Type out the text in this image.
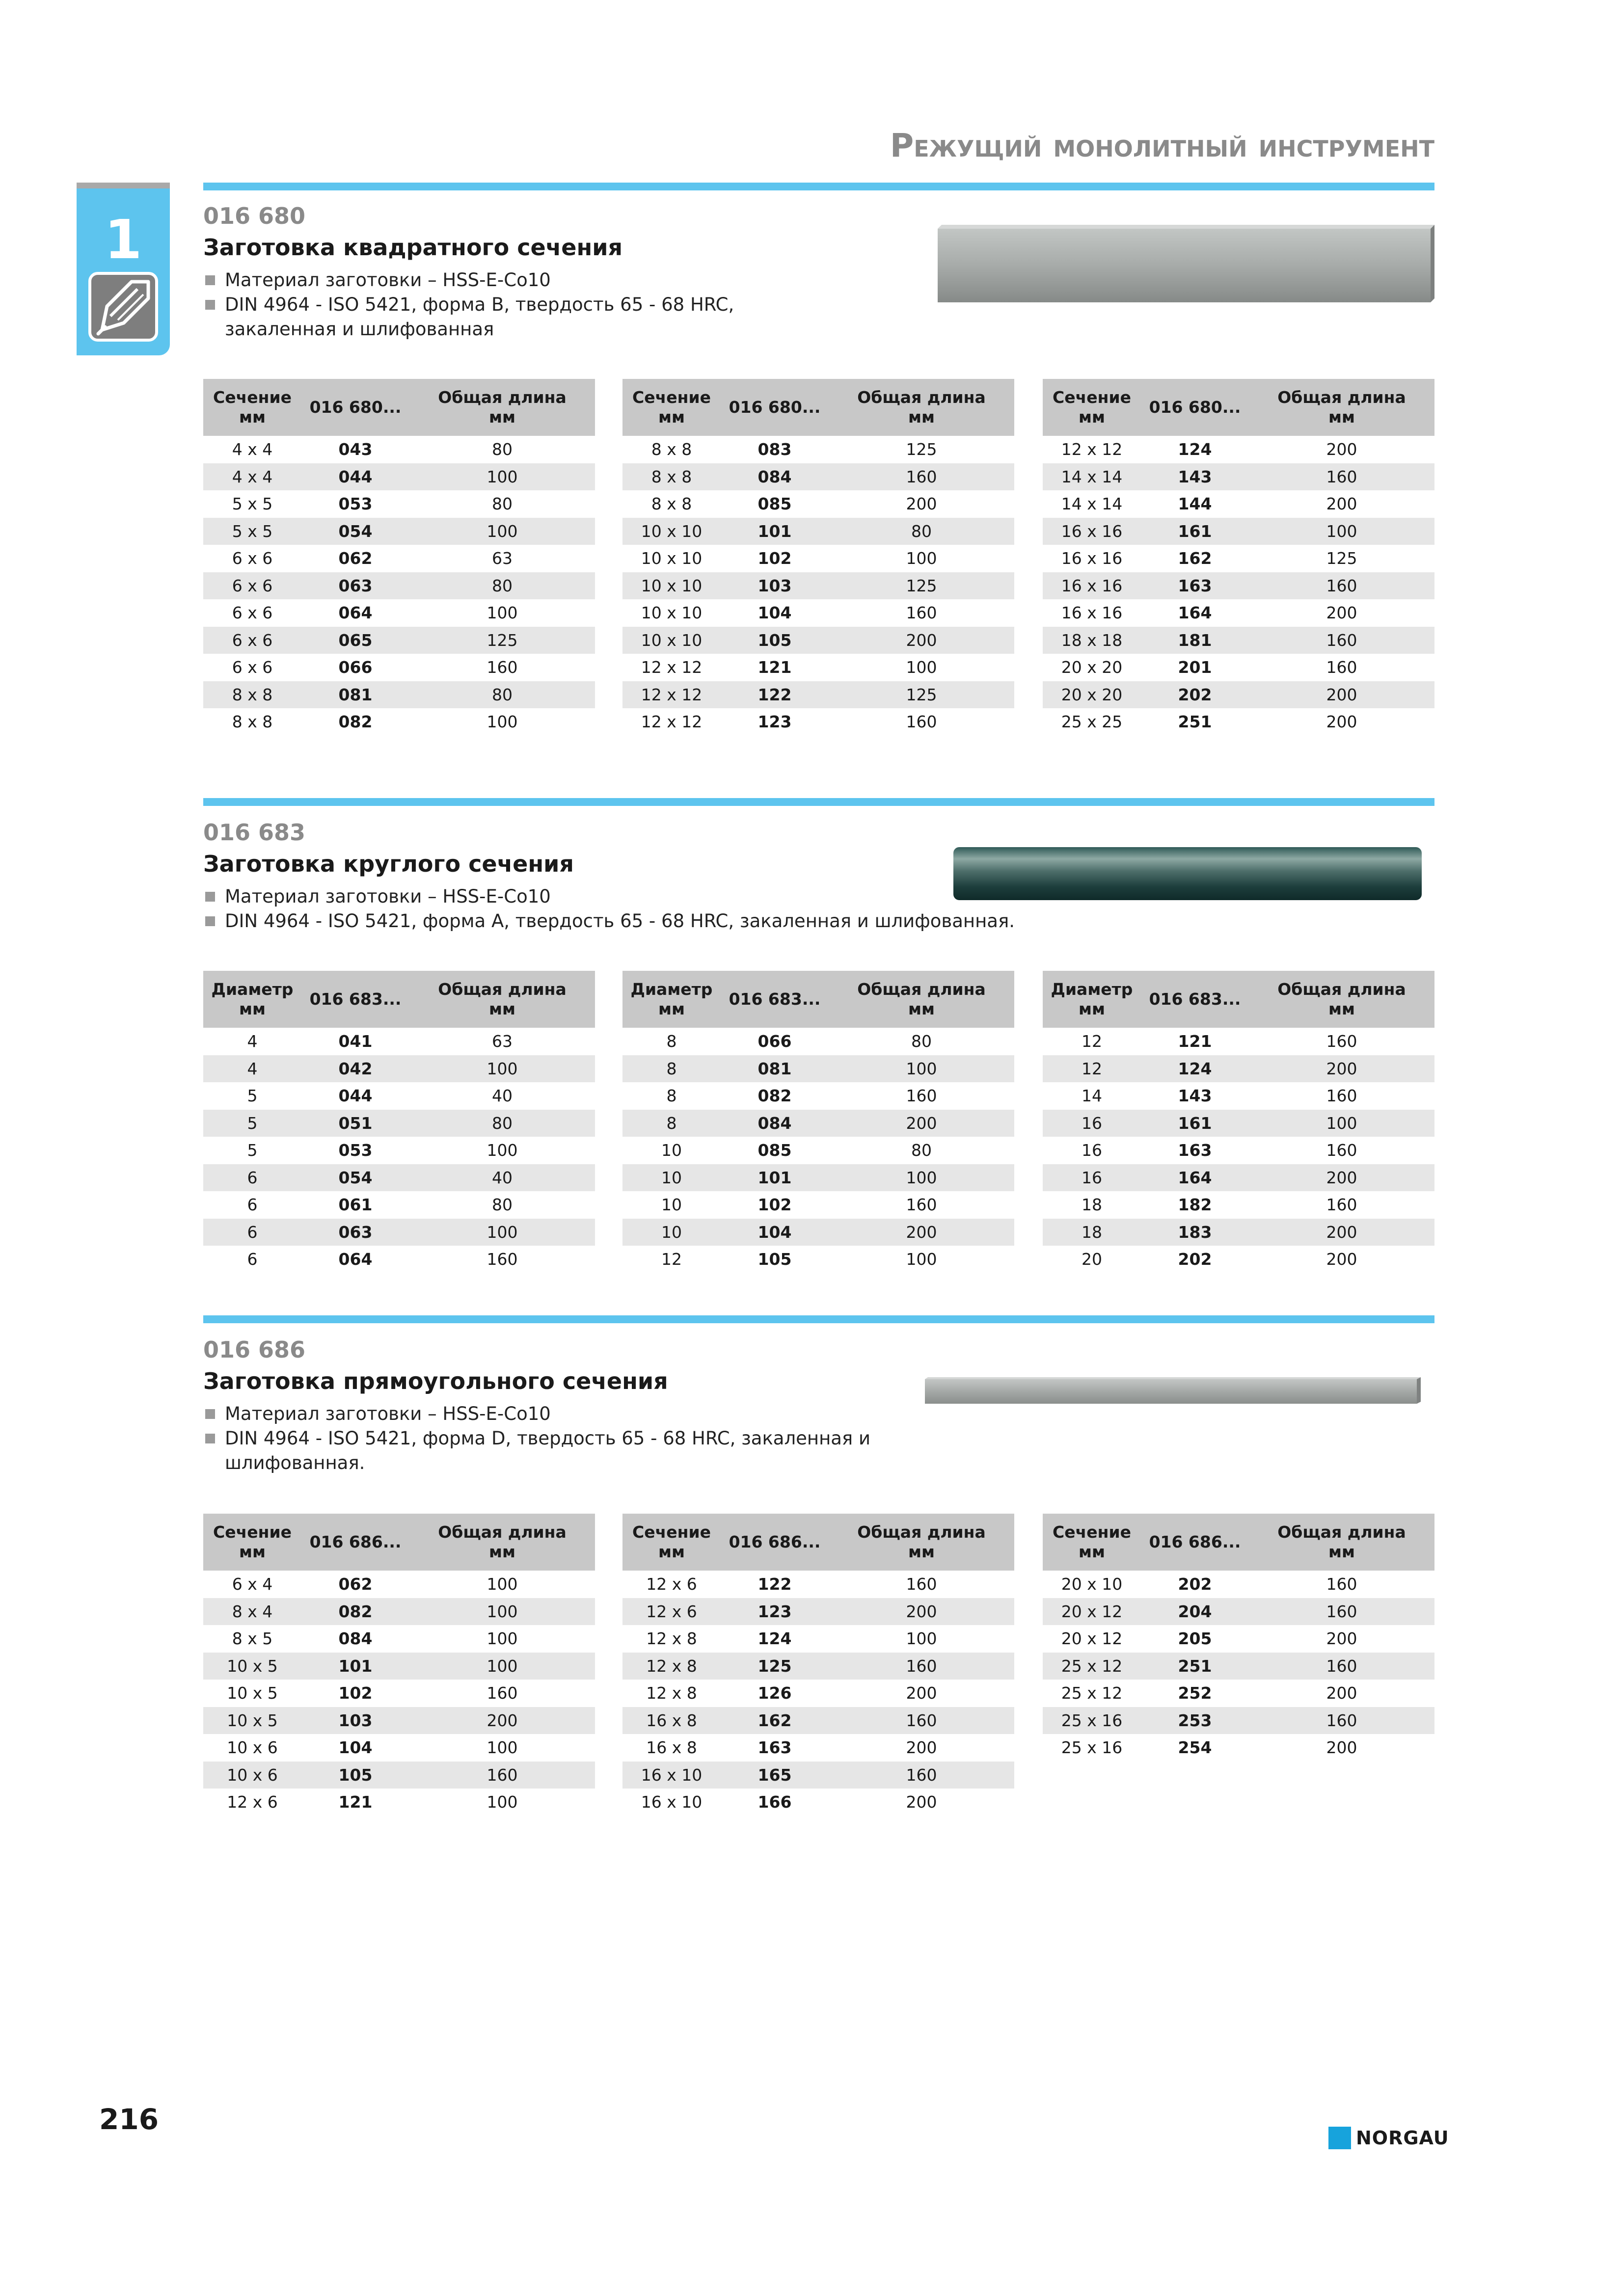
Режущий монолитный инструмент
1	016 680
Заготовка квадратного сечения
Материал заготовки – HSS-E-Co10
DIN 4964 - ISO 5421, форма B, твердость 65 - 68 HRC,
закаленная и шлифованная
Сечение
мм	016 680...	Общая длина
мм
4 x 4	043	80
4 x 4	044	100
5 x 5	053	80
5 x 5	054	100
6 x 6	062	63
6 x 6	063	80
6 x 6	064	100
6 x 6	065	125
6 x 6	066	160
8 x 8	081	80
8 x 8	082	100
Сечение
мм	016 680...	Общая длина
мм
8 x 8	083	125
8 x 8	084	160
8 x 8	085	200
10 x 10	101	80
10 x 10	102	100
10 x 10	103	125
10 x 10	104	160
10 x 10	105	200
12 x 12	121	100
12 x 12	122	125
12 x 12	123	160
Сечение
мм	016 680...	Общая длина
мм
12 x 12	124	200
14 x 14	143	160
14 x 14	144	200
16 x 16	161	100
16 x 16	162	125
16 x 16	163	160
16 x 16	164	200
18 x 18	181	160
20 x 20	201	160
20 x 20	202	200
25 x 25	251	200
016 683
Заготовка круглого сечения
Материал заготовки – HSS-E-Co10
DIN 4964 - ISO 5421, форма A, твердость 65 - 68 HRC, закаленная и шлифованная.
Диаметр
мм	016 683...	Общая длина
мм
4	041	63
4	042	100
5	044	40
5	051	80
5	053	100
6	054	40
6	061	80
6	063	100
6	064	160
Диаметр
мм	016 683...	Общая длина
мм
8	066	80
8	081	100
8	082	160
8	084	200
10	085	80
10	101	100
10	102	160
10	104	200
12	105	100
Диаметр
мм	016 683...	Общая длина
мм
12	121	160
12	124	200
14	143	160
16	161	100
16	163	160
16	164	200
18	182	160
18	183	200
20	202	200
016 686
Заготовка прямоугольного сечения
Материал заготовки – HSS-E-Co10
DIN 4964 - ISO 5421, форма D, твердость 65 - 68 HRC, закаленная и
шлифованная.
Сечение
мм	016 686...	Общая длина
мм
6 x 4	062	100
8 x 4	082	100
8 x 5	084	100
10 x 5	101	100
10 x 5	102	160
10 x 5	103	200
10 x 6	104	100
10 x 6	105	160
12 x 6	121	100
Сечение
мм	016 686...	Общая длина
мм
12 x 6	122	160
12 x 6	123	200
12 x 8	124	100
12 x 8	125	160
12 x 8	126	200
16 x 8	162	160
16 x 8	163	200
16 x 10	165	160
16 x 10	166	200
Сечение
мм	016 686...	Общая длина
мм
20 x 10	202	160
20 x 12	204	160
20 x 12	205	200
25 x 12	251	160
25 x 12	252	200
25 x 16	253	160
25 x 16	254	200
216
NORGAU
